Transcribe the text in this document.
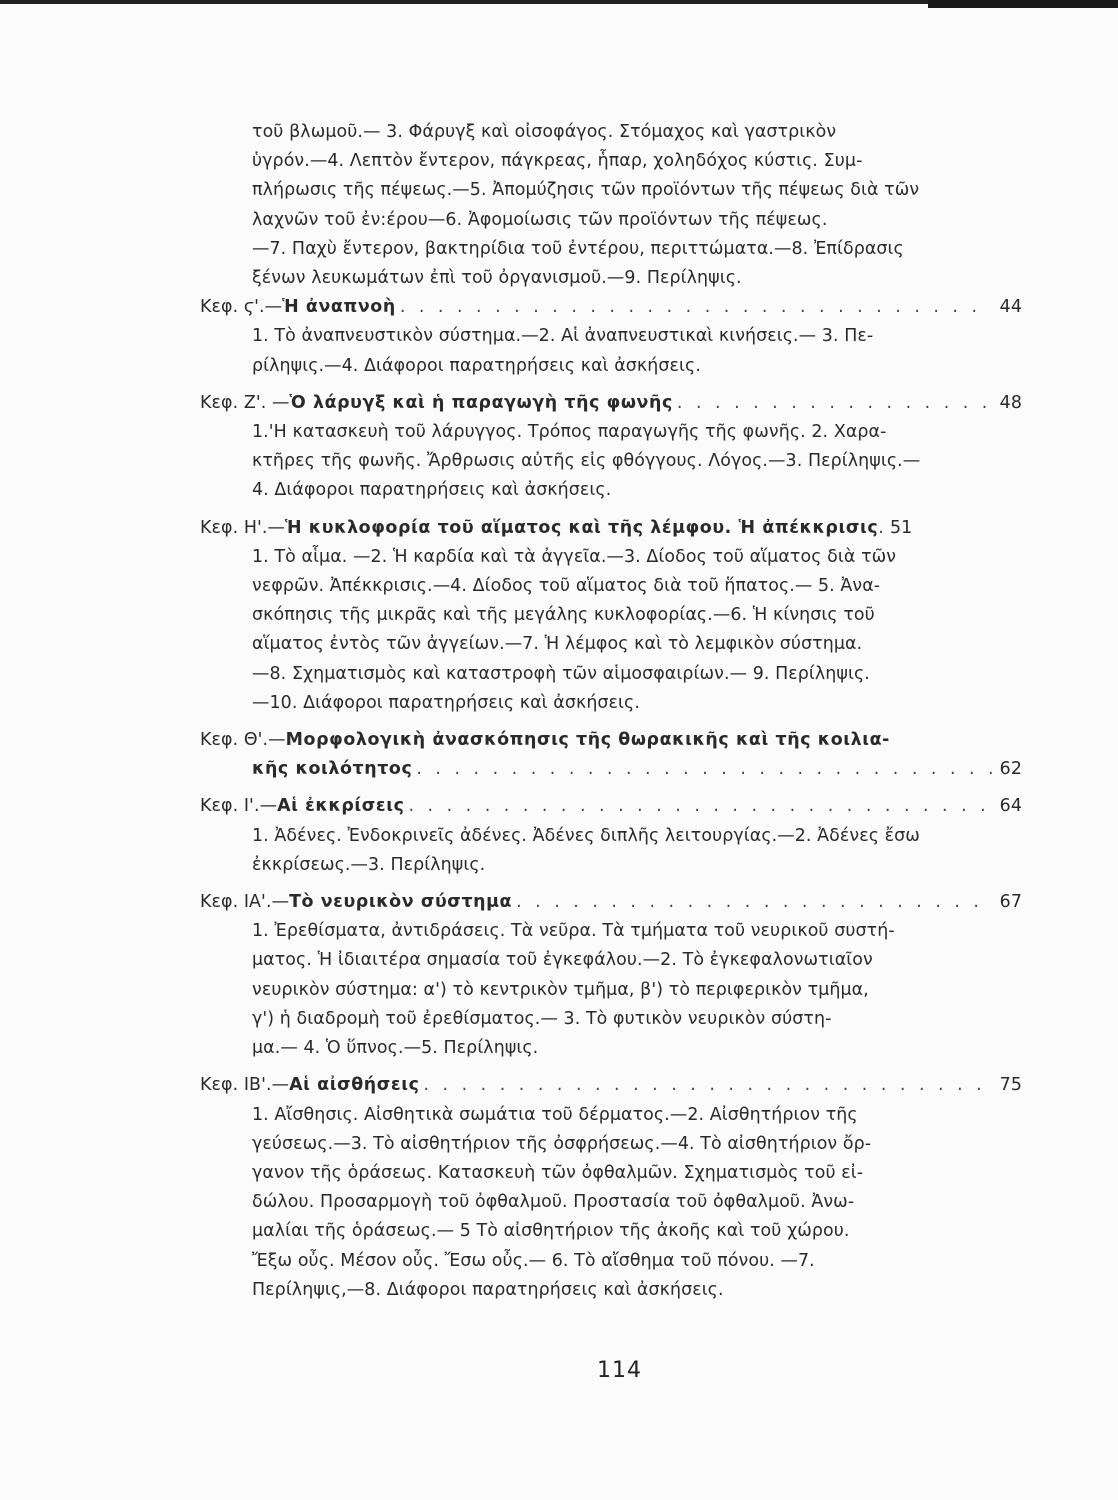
τοῦ βλωμοῦ.— 3. Φάρυγξ καὶ οἰσοφάγος. Στόμαχος καὶ γαστρικὸν
ὑγρόν.—4. Λεπτὸν ἔντερον, πάγκρεας, ἧπαρ, χοληδόχος κύστις. Συμ-
πλήρωσις τῆς πέψεως.—5. Ἀπομύζησις τῶν προϊόντων τῆς πέψεως διὰ τῶν
λαχνῶν τοῦ ἐν:έρου—6. Ἀφομοίωσις τῶν προϊόντων τῆς πέψεως.
—7. Παχὺ ἔντερον, βακτηρίδια τοῦ ἐντέρου, περιττώματα.—8. Ἐπίδρασις
ξένων λευκωμάτων ἐπὶ τοῦ ὀργανισμοῦ.—9. Περίληψις.
Κεφ. ϛ'.— Ἡ ἀναπνοὴ . . .	44
1. Τὸ ἀναπνευστικὸν σύστημα.—2. Αἱ ἀναπνευστικαὶ κινήσεις.— 3. Πε-
ρίληψις.—4. Διάφοροι παρατηρήσεις καὶ ἀσκήσεις.
Κεφ. Ζ'. — Ὁ λάρυγξ καὶ ἡ παραγωγὴ τῆς φωνῆς . . .	48
1.'Η κατασκευὴ τοῦ λάρυγγος. Τρόπος παραγωγῆς τῆς φωνῆς. 2. Χαρα-
κτῆρες τῆς φωνῆς. Ἄρθρωσις αὐτῆς εἰς φθόγγους. Λόγος.—3. Περίληψις.—
4. Διάφοροι παρατηρήσεις καὶ ἀσκήσεις.
Κεφ. Η'.— Ἡ κυκλοφορία τοῦ αἵματος καὶ τῆς λέμφου. Ἡ ἀπέκκρισις . . . 51
1. Τὸ αἷμα. —2. Ἡ καρδία καὶ τὰ ἀγγεῖα.—3. Δίοδος τοῦ αἵματος διὰ τῶν
νεφρῶν. Ἀπέκκρισις.—4. Δίοδος τοῦ αἵματος διὰ τοῦ ἥπατος.— 5. Ἀνα-
σκόπησις τῆς μικρᾶς καὶ τῆς μεγάλης κυκλοφορίας.—6. Ἡ κίνησις τοῦ
αἵματος ἐντὸς τῶν ἀγγείων.—7. Ἡ λέμφος καὶ τὸ λεμφικὸν σύστημα.
—8. Σχηματισμὸς καὶ καταστροφὴ τῶν αἱμοσφαιρίων.— 9. Περίληψις.
—10. Διάφοροι παρατηρήσεις καὶ ἀσκήσεις.
Κεφ. Θ'.— Μορφολογικὴ ἀνασκόπησις τῆς θωρακικῆς καὶ τῆς κοιλια-
κῆς κοιλότητος . . .	62
Κεφ. Ι'.— Αἱ ἐκκρίσεις . . .	64
1. Ἀδένες. Ἐνδοκρινεῖς ἀδένες. Ἀδένες διπλῆς λειτουργίας.—2. Ἀδένες ἔσω
ἐκκρίσεως.—3. Περίληψις.
Κεφ. ΙΑ'.— Τὸ νευρικὸν σύστημα . . .	67
1. Ἐρεθίσματα, ἀντιδράσεις. Τὰ νεῦρα. Τὰ τμήματα τοῦ νευρικοῦ συστή-
ματος. Ἡ ἰδιαιτέρα σημασία τοῦ ἐγκεφάλου.—2. Τὸ ἐγκεφαλονωτιαῖον
νευρικὸν σύστημα: α') τὸ κεντρικὸν τμῆμα, β') τὸ περιφερικὸν τμῆμα,
γ') ἡ διαδρομὴ τοῦ ἐρεθίσματος.— 3. Τὸ φυτικὸν νευρικὸν σύστη-
μα.— 4. Ὁ ὕπνος.—5. Περίληψις.
Κεφ. ΙΒ'.— Αἱ αἰσθήσεις . . .	75
1. Αἴσθησις. Αἰσθητικὰ σωμάτια τοῦ δέρματος.—2. Αἰσθητήριον τῆς
γεύσεως.—3. Τὸ αἰσθητήριον τῆς ὀσφρήσεως.—4. Τὸ αἰσθητήριον ὄρ-
γανον τῆς ὁράσεως. Κατασκευὴ τῶν ὀφθαλμῶν. Σχηματισμὸς τοῦ εἰ-
δώλου. Προσαρμογὴ τοῦ ὀφθαλμοῦ. Προστασία τοῦ ὀφθαλμοῦ. Ἀνω-
μαλίαι τῆς ὁράσεως.— 5 Τὸ αἰσθητήριον τῆς ἀκοῆς καὶ τοῦ χώρου.
Ἔξω οὖς. Μέσον οὖς. Ἔσω οὖς.— 6. Τὸ αἴσθημα τοῦ πόνου. —7.
Περίληψις,—8. Διάφοροι παρατηρήσεις καὶ ἀσκήσεις.
114
